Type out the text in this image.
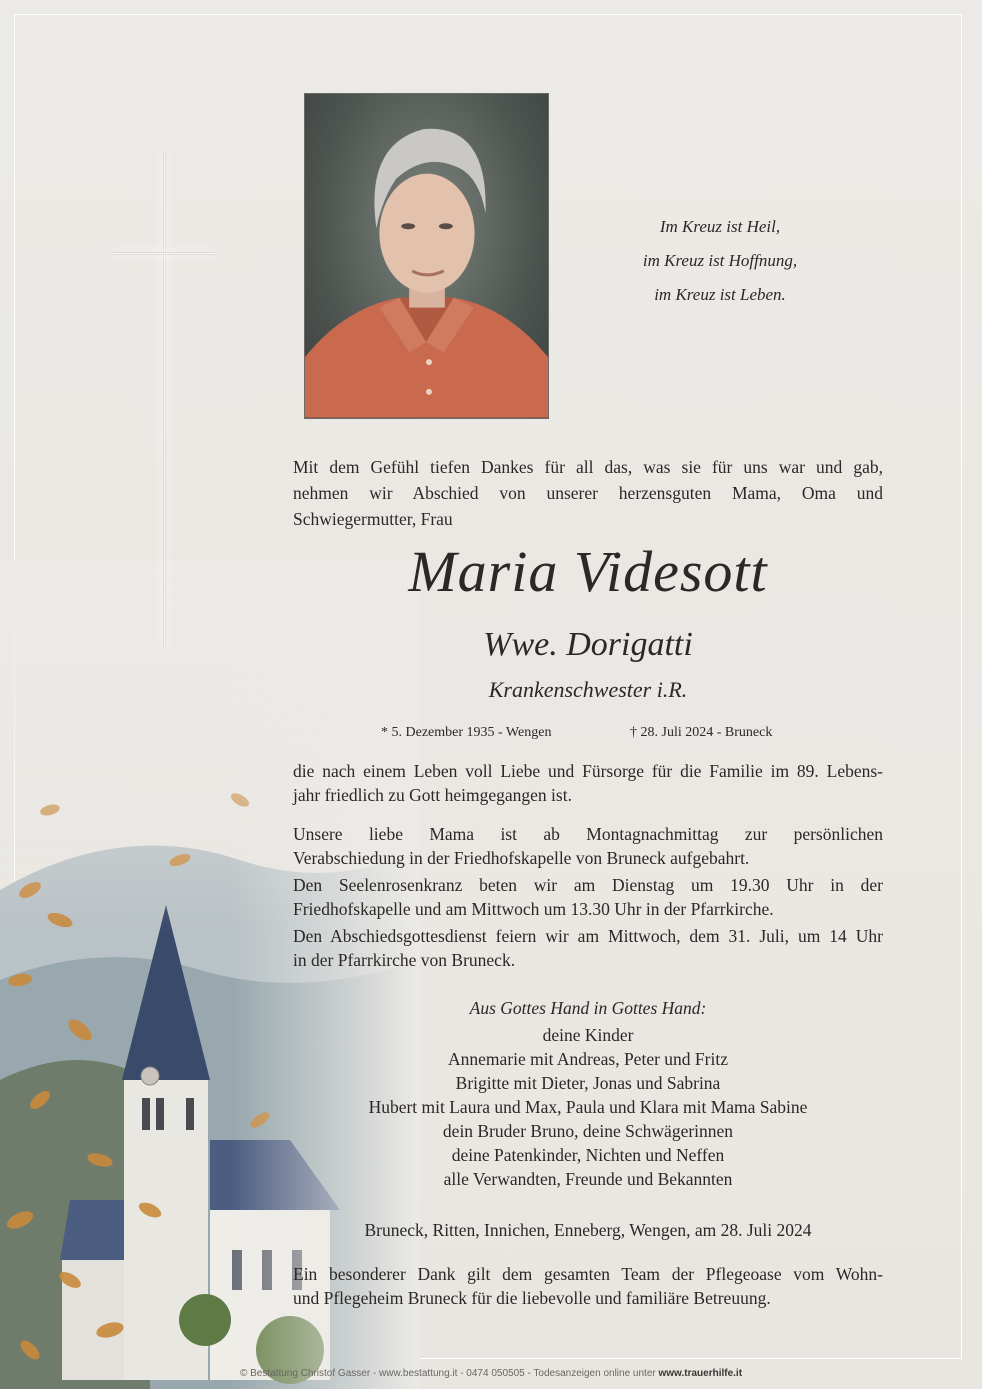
Im Kreuz ist Heil,
im Kreuz ist Hoffnung,
im Kreuz ist Leben.
Mit dem Gefühl tiefen Dankes für all das, was sie für uns war und gab,
nehmen wir Abschied von unserer herzensguten Mama, Oma und
Schwiegermutter, Frau
Maria Videsott
Wwe. Dorigatti
Krankenschwester i.R.
* 5. Dezember 1935 - Wengen	† 28. Juli 2024 - Bruneck
die nach einem Leben voll Liebe und Fürsorge für die Familie im 89. Lebens-
jahr friedlich zu Gott heimgegangen ist.
Unsere liebe Mama ist ab Montagnachmittag zur persönlichen
Verabschiedung in der Friedhofskapelle von Bruneck aufgebahrt.
Den Seelenrosenkranz beten wir am Dienstag um 19.30 Uhr in der
Friedhofskapelle und am Mittwoch um 13.30 Uhr in der Pfarrkirche.
Den Abschiedsgottesdienst feiern wir am Mittwoch, dem 31. Juli, um 14 Uhr
in der Pfarrkirche von Bruneck.
Aus Gottes Hand in Gottes Hand:
deine Kinder
Annemarie mit Andreas, Peter und Fritz
Brigitte mit Dieter, Jonas und Sabrina
Hubert mit Laura und Max, Paula und Klara mit Mama Sabine
dein Bruder Bruno, deine Schwägerinnen
deine Patenkinder, Nichten und Neffen
alle Verwandten, Freunde und Bekannten
Bruneck, Ritten, Innichen, Enneberg, Wengen, am 28. Juli 2024
Ein besonderer Dank gilt dem gesamten Team der Pflegeoase vom Wohn-
und Pflegeheim Bruneck für die liebevolle und familiäre Betreuung.
© Bestattung Christof Gasser - www.bestattung.it - 0474 050505 - Todesanzeigen online unter www.trauerhilfe.it
